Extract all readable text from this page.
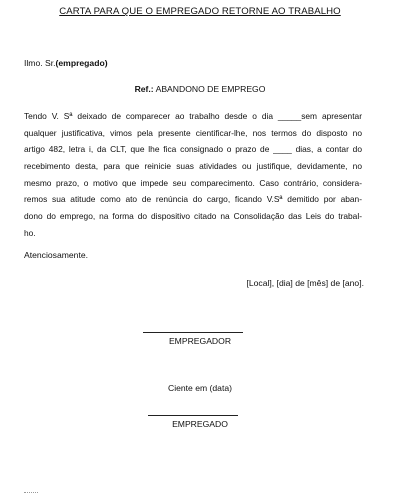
CARTA PARA QUE O EMPREGADO RETORNE AO TRABALHO
Ilmo. Sr.(empregado)
Ref.: ABANDONO DE EMPREGO
Tendo V. Sª deixado de comparecer ao trabalho desde o dia _____sem apresentar
qualquer justificativa, vimos pela presente cientificar-lhe, nos termos do disposto no
artigo 482, letra i, da CLT, que lhe fica consignado o prazo de ____ dias, a contar do
recebimento desta, para que reinicie suas atividades ou justifique, devidamente, no
mesmo prazo, o motivo que impede seu comparecimento. Caso contrário, considera-
remos sua atitude como ato de renúncia do cargo, ficando V.Sª demitido por aban-
dono do emprego, na forma do dispositivo citado na Consolidação das Leis do trabal-
ho.
Atenciosamente.
[Local], [dia] de [mês] de [ano].
EMPREGADOR
Ciente em (data)
EMPREGADO
